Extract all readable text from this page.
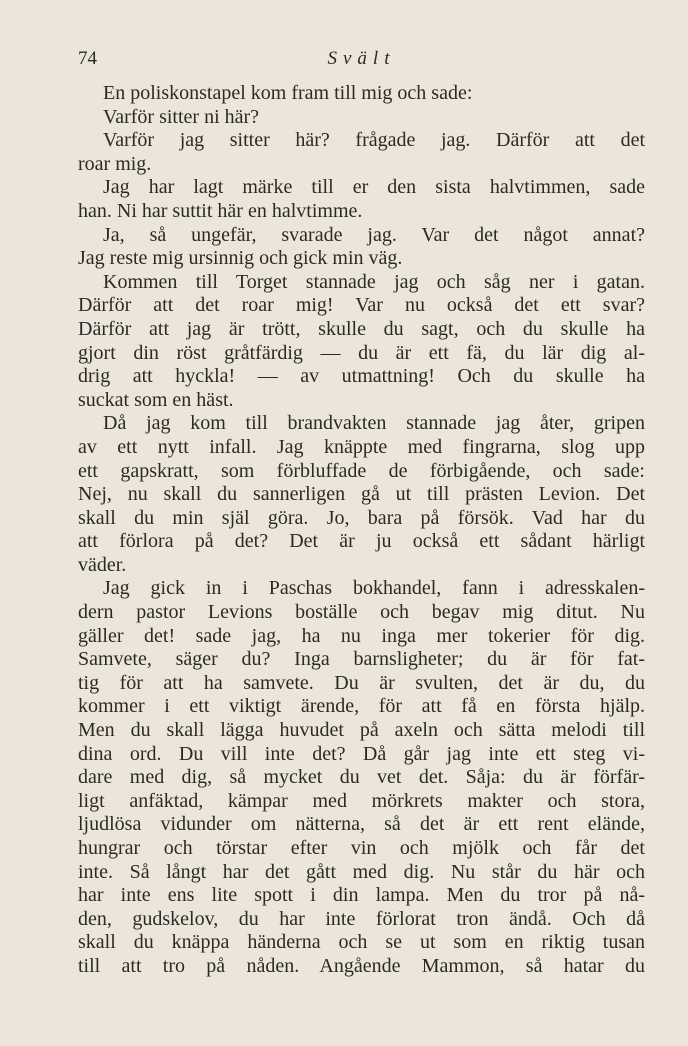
74	Svält
En poliskonstapel kom fram till mig och sade:
Varför sitter ni här?
Varför jag sitter här? frågade jag. Därför att det
roar mig.
Jag har lagt märke till er den sista halvtimmen, sade
han. Ni har suttit här en halvtimme.
Ja, så ungefär, svarade jag. Var det något annat?
Jag reste mig ursinnig och gick min väg.
Kommen till Torget stannade jag och såg ner i gatan.
Därför att det roar mig! Var nu också det ett svar?
Därför att jag är trött, skulle du sagt, och du skulle ha
gjort din röst gråtfärdig — du är ett fä, du lär dig al-
drig att hyckla! — av utmattning! Och du skulle ha
suckat som en häst.
Då jag kom till brandvakten stannade jag åter, gripen
av ett nytt infall. Jag knäppte med fingrarna, slog upp
ett gapskratt, som förbluffade de förbigående, och sade:
Nej, nu skall du sannerligen gå ut till prästen Levion. Det
skall du min själ göra. Jo, bara på försök. Vad har du
att förlora på det? Det är ju också ett sådant härligt
väder.
Jag gick in i Paschas bokhandel, fann i adresskalen-
dern pastor Levions boställe och begav mig ditut. Nu
gäller det! sade jag, ha nu inga mer tokerier för dig.
Samvete, säger du? Inga barnsligheter; du är för fat-
tig för att ha samvete. Du är svulten, det är du, du
kommer i ett viktigt ärende, för att få en första hjälp.
Men du skall lägga huvudet på axeln och sätta melodi till
dina ord. Du vill inte det? Då går jag inte ett steg vi-
dare med dig, så mycket du vet det. Såja: du är förfär-
ligt anfäktad, kämpar med mörkrets makter och stora,
ljudlösa vidunder om nätterna, så det är ett rent elände,
hungrar och törstar efter vin och mjölk och får det
inte. Så långt har det gått med dig. Nu står du här och
har inte ens lite spott i din lampa. Men du tror på nå-
den, gudskelov, du har inte förlorat tron ändå. Och då
skall du knäppa händerna och se ut som en riktig tusan
till att tro på nåden. Angående Mammon, så hatar du
